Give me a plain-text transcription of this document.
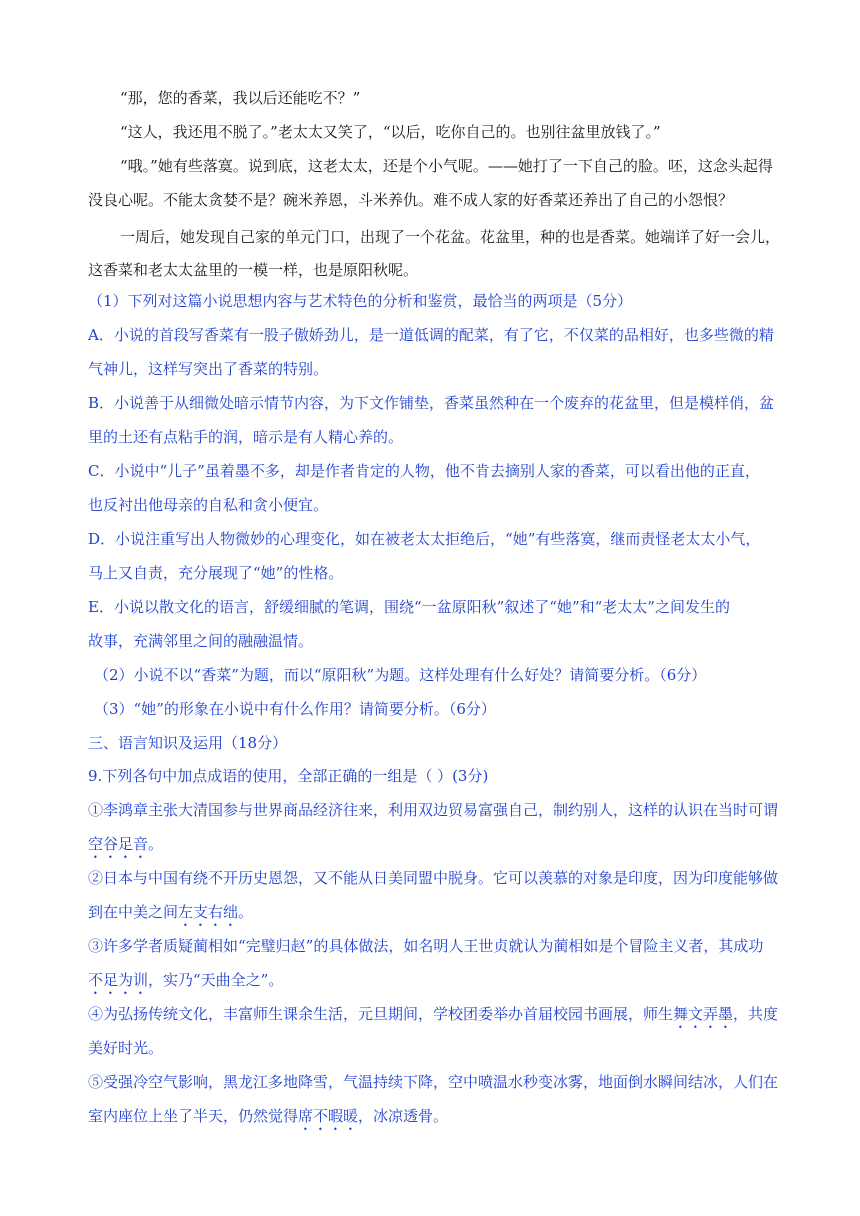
“那，您的香菜，我以后还能吃不？”
“这人，我还甩不脱了。”老太太又笑了，“以后，吃你自己的。也别往盆里放钱了。”
“哦。”她有些落寞。说到底，这老太太，还是个小气呢。——她打了一下自己的脸。呸，这念头起得
没良心呢。不能太贪婪不是？碗米养恩，斗米养仇。难不成人家的好香菜还养出了自己的小怨恨？
一周后，她发现自己家的单元门口，出现了一个花盆。花盆里，种的也是香菜。她端详了好一会儿，
这香菜和老太太盆里的一模一样，也是原阳秋呢。
（1）下列对这篇小说思想内容与艺术特色的分析和鉴赏，最恰当的两项是（5分）
A．小说的首段写香菜有一股子傲娇劲儿，是一道低调的配菜，有了它，不仅菜的品相好，也多些微的精
气神儿，这样写突出了香菜的特别。
B．小说善于从细微处暗示情节内容，为下文作铺垫，香菜虽然种在一个废弃的花盆里，但是模样俏，盆
里的土还有点粘手的润，暗示是有人精心养的。
C．小说中“儿子”虽着墨不多，却是作者肯定的人物，他不肯去摘别人家的香菜，可以看出他的正直，
也反衬出他母亲的自私和贪小便宜。
D．小说注重写出人物微妙的心理变化，如在被老太太拒绝后，“她”有些落寞，继而责怪老太太小气，
马上又自责，充分展现了“她”的性格。
E．小说以散文化的语言，舒缓细腻的笔调，围绕“一盆原阳秋”叙述了“她”和“老太太”之间发生的
故事，充满邻里之间的融融温情。
（2）小说不以“香菜”为题，而以“原阳秋”为题。这样处理有什么好处？请简要分析。（6分）
（3）“她”的形象在小说中有什么作用？请简要分析。（6分）
三、语言知识及运用（18分）
9.下列各句中加点成语的使用，全部正确的一组是（ ）(3分)
①李鸿章主张大清国参与世界商品经济往来，利用双边贸易富强自己，制约别人，这样的认识在当时可谓
空谷足音。
②日本与中国有绕不开历史恩怨，又不能从日美同盟中脱身。它可以羡慕的对象是印度，因为印度能够做
到在中美之间左支右绌。
③许多学者质疑蔺相如“完璧归赵”的具体做法，如名明人王世贞就认为蔺相如是个冒险主义者，其成功
不足为训，实乃“天曲全之”。
④为弘扬传统文化，丰富师生课余生活，元旦期间，学校团委举办首届校园书画展，师生舞文弄墨，共度
美好时光。
⑤受强冷空气影响，黑龙江多地降雪，气温持续下降，空中喷温水秒变冰雾，地面倒水瞬间结冰，人们在
室内座位上坐了半天，仍然觉得席不暇暖，冰凉透骨。
